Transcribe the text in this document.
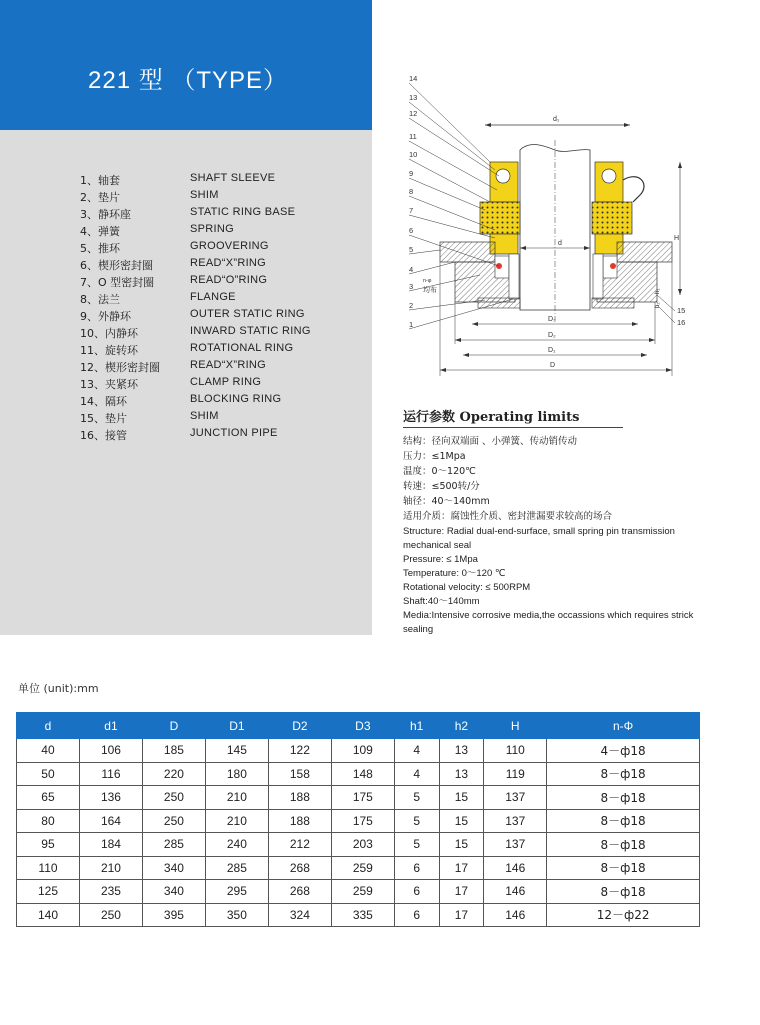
221 型 （TYPE）
1、轴套	SHAFT SLEEVE
2、垫片	SHIM
3、静环座	STATIC RING BASE
4、弹簧	SPRING
5、推环	GROOVERING
6、楔形密封圈	READ“X”RING
7、O 型密封圈	READ“O”RING
8、法兰	FLANGE
9、外静环	OUTER STATIC RING
10、内静环	INWARD STATIC RING
11、旋转环	ROTATIONAL RING
12、楔形密封圈	READ“X”RING
13、夹紧环	CLAMP RING
14、隔环	BLOCKING RING
15、垫片	SHIM
16、接管	JUNCTION PIPE
d₁
d
H
h₁
h₂
D₃
D₂
D₁
D
14
13
12
11
10
9
8
7
6
5
4
3
2
1
15
16
n-φ
均布
运行参数 Operating limits
结构：径向双端面 、小弹簧、传动销传动
压力：≤1Mpa
温度：0～120℃
转速：≤500转/分
轴径：40～140mm
适用介质：腐蚀性介质、密封泄漏要求较高的场合
Structure: Radial dual-end-surface, small spring pin transmission
mechanical seal
Pressure: ≤ 1Mpa
Temperature: 0～120 ℃
Rotational velocity: ≤ 500RPM
Shaft:40～140mm
Media:Intensive corrosive media,the occassions which requires strick
sealing
单位 (unit):mm
d	d1	D	D1	D2	D3	h1	h2	H	n-Φ
40	106	185	145	122	109	4	13	110	4－ф18
50	116	220	180	158	148	4	13	119	8－ф18
65	136	250	210	188	175	5	15	137	8－ф18
80	164	250	210	188	175	5	15	137	8－ф18
95	184	285	240	212	203	5	15	137	8－ф18
110	210	340	285	268	259	6	17	146	8－ф18
125	235	340	295	268	259	6	17	146	8－ф18
140	250	395	350	324	335	6	17	146	12－ф22
